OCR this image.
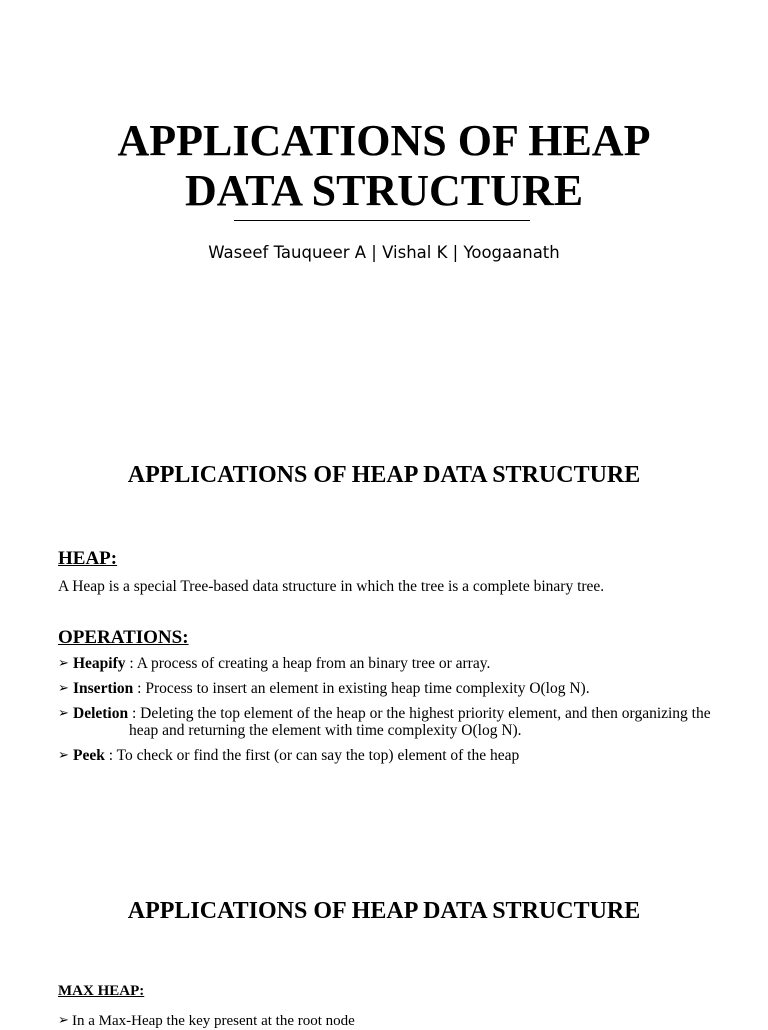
APPLICATIONS OF HEAP
DATA STRUCTURE
Waseef Tauqueer A | Vishal K | Yoogaanath
APPLICATIONS OF HEAP DATA STRUCTURE
HEAP:
A Heap is a special Tree-based data structure in which the tree is a complete binary tree.
OPERATIONS:
➢ Heapify : A process of creating a heap from an binary tree or array.
➢ Insertion : Process to insert an element in existing heap time complexity O(log N).
➢ Deletion : Deleting the top element of the heap or the highest priority element, and then organizing the
heap and returning the element with time complexity O(log N).
➢ Peek : To check or find the first (or can say the top) element of the heap
APPLICATIONS OF HEAP DATA STRUCTURE
MAX HEAP:
➢ In a Max-Heap the key present at the root node
